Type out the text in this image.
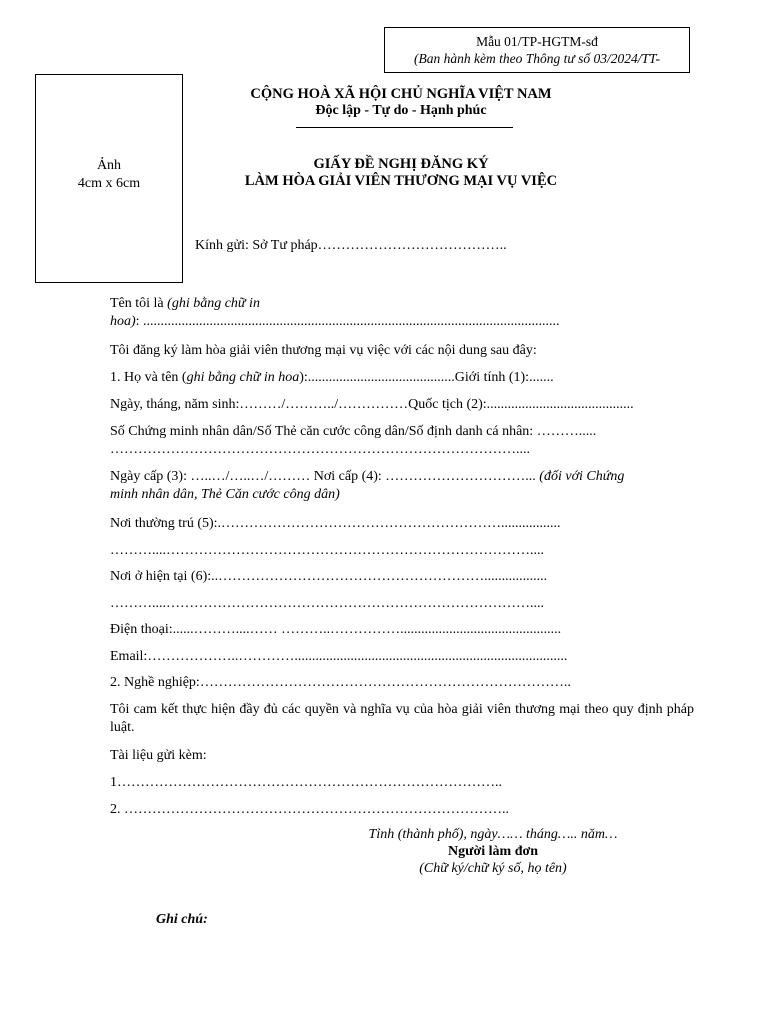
Mẫu 01/TP-HGTM-sđ
(Ban hành kèm theo Thông tư số 03/2024/TT-
Ảnh
4cm x 6cm
CỘNG HOÀ XÃ HỘI CHỦ NGHĨA VIỆT NAM
Độc lập - Tự do - Hạnh phúc
GIẤY ĐỀ NGHỊ ĐĂNG KÝ
LÀM HÒA GIẢI VIÊN THƯƠNG MẠI VỤ VIỆC
Kính gửi: Sở Tư pháp…………………………………..
Tên tôi là (ghi bằng chữ in
hoa): .......................................................................................................................
Tôi đăng ký làm hòa giải viên thương mại vụ việc với các nội dung sau đây:
1. Họ và tên (ghi bằng chữ in hoa):..........................................Giới tính (1):.......
Ngày, tháng, năm sinh:………/………../……………Quốc tịch (2):..........................................
Số Chứng minh nhân dân/Số Thẻ căn cước công dân/Số định danh cá nhân: ……….....
……………………………………………………………………………....
Ngày cấp (3): …..…/…..…/……… Nơi cấp (4): …………………………... (đối với Chứng
minh nhân dân, Thẻ Căn cước công dân)
Nơi thường trú (5):.…………………………………………………….................
………....……………………………………………………………………....
Nơi ở hiện tại (6):..…………………………………………………..................
………....……………………………………………………………………....
Điện thoại:......………....…… ………..……………..............................................
Email:………………..…………..............................................................................
2. Nghề nghiệp:……………………………………………………………………..
Tôi cam kết thực hiện đầy đủ các quyền và nghĩa vụ của hòa giải viên thương mại theo quy định pháp luật.
Tài liệu gửi kèm:
1………………………………………………………………………..
2. ………………………………………………………………………..
Tỉnh (thành phố), ngày…… tháng….. năm…
Người làm đơn
(Chữ ký/chữ ký số, họ tên)
Ghi chú:
